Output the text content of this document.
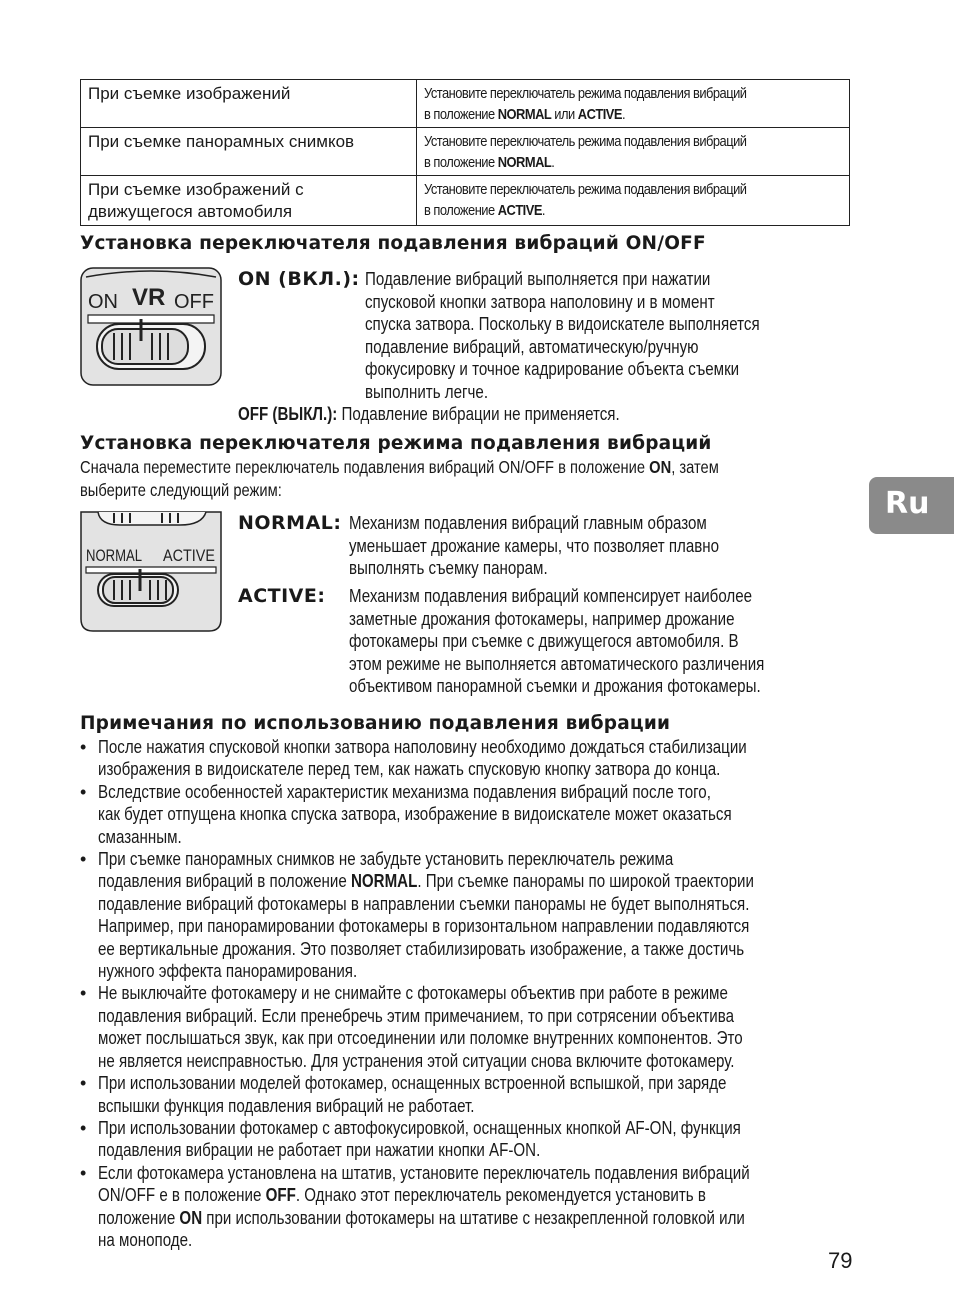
При съемке изображений	Установите переключатель режима подавления вибраций
в положение NORMAL или ACTIVE.
При съемке панорамных снимков	Установите переключатель режима подавления вибраций
в положение NORMAL.
При съемке изображений с
движущегося автомобиля	Установите переключатель режима подавления вибраций
в положение ACTIVE.
Установка переключателя подавления вибраций ON/OFF
ON VR OFF
ON (ВКЛ.): Подавление вибраций выполняется при нажатии
спусковой кнопки затвора наполовину и в момент
спуска затвора. Поскольку в видоискателе выполняется
подавление вибраций, автоматическую/ручную
фокусировку и точное кадрирование объекта съемки
выполнить легче.
OFF (ВЫКЛ.): Подавление вибрации не применяется.
Установка переключателя режима подавления вибраций
Сначала переместите переключатель подавления вибраций ON/OFF в положение ON, затем
выберите следующий режим:
NORMAL ACTIVE
NORMAL: Механизм подавления вибраций главным образом
уменьшает дрожание камеры, что позволяет плавно
выполнять съемку панорам.
ACTIVE: Механизм подавления вибраций компенсирует наиболее
заметные дрожания фотокамеры, например дрожание
фотокамеры при съемке с движущегося автомобиля. В
этом режиме не выполняется автоматического различения
объективом панорамной съемки и дрожания фотокамеры.
Примечания по использованию подавления вибрации
• После нажатия спусковой кнопки затвора наполовину необходимо дождаться стабилизации
изображения в видоискателе перед тем, как нажать спусковую кнопку затвора до конца.
• Вследствие особенностей характеристик механизма подавления вибраций после того,
как будет отпущена кнопка спуска затвора, изображение в видоискателе может оказаться
смазанным.
• При съемке панорамных снимков не забудьте установить переключатель режима
подавления вибраций в положение NORMAL. При съемке панорамы по широкой траектории
подавление вибраций фотокамеры в направлении съемки панорамы не будет выполняться.
Например, при панорамировании фотокамеры в горизонтальном направлении подавляются
ее вертикальные дрожания. Это позволяет стабилизировать изображение, а также достичь
нужного эффекта панорамирования.
• Не выключайте фотокамеру и не снимайте с фотокамеры объектив при работе в режиме
подавления вибраций. Если пренебречь этим примечанием, то при сотрясении объектива
может послышаться звук, как при отсоединении или поломке внутренних компонентов. Это
не является неисправностью. Для устранения этой ситуации снова включите фотокамеру.
• При использовании моделей фотокамер, оснащенных встроенной вспышкой, при заряде
вспышки функция подавления вибраций не работает.
• При использовании фотокамер с автофокусировкой, оснащенных кнопкой AF-ON, функция
подавления вибрации не работает при нажатии кнопки AF-ON.
• Если фотокамера установлена на штатив, установите переключатель подавления вибраций
ON/OFF е в положение OFF. Однако этот переключатель рекомендуется установить в
положение ON при использовании фотокамеры на штативе с незакрепленной головкой или
на моноподе.
Ru
79
